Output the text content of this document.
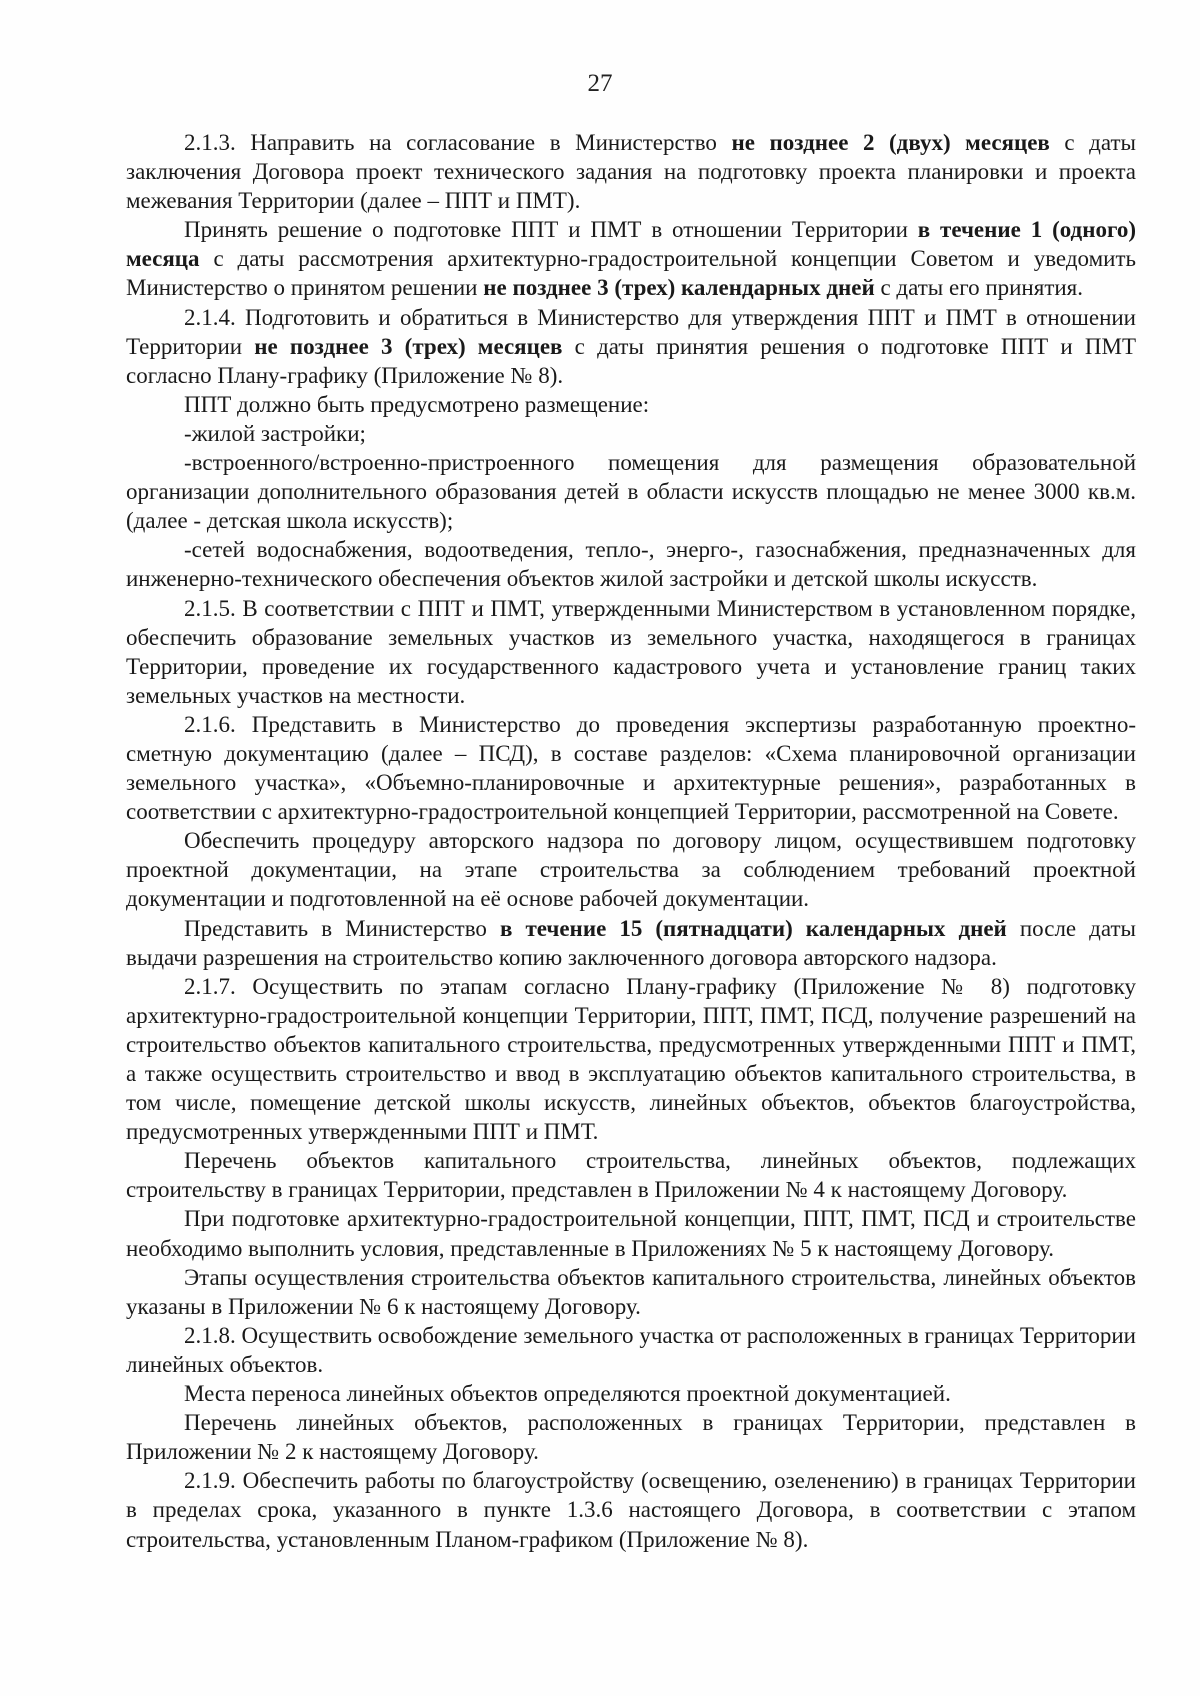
27

2.1.3. Направить на согласование в Министерство не позднее 2 (двух) месяцев с даты заключения Договора проект технического задания на подготовку проекта планировки и проекта межевания Территории (далее – ППТ и ПМТ).

Принять решение о подготовке ППТ и ПМТ в отношении Территории в течение 1 (одного) месяца с даты рассмотрения архитектурно-градостроительной концепции Советом и уведомить Министерство о принятом решении не позднее 3 (трех) календарных дней с даты его принятия.

2.1.4. Подготовить и обратиться в Министерство для утверждения ППТ и ПМТ в отношении Территории не позднее 3 (трех) месяцев с даты принятия решения о подготовке ППТ и ПМТ согласно Плану-графику (Приложение № 8).

ППТ должно быть предусмотрено размещение:

-жилой застройки;

-встроенного/встроенно-пристроенного помещения для размещения образовательной организации дополнительного образования детей в области искусств площадью не менее 3000 кв.м. (далее - детская школа искусств);

-сетей водоснабжения, водоотведения, тепло-, энерго-, газоснабжения, предназначенных для инженерно-технического обеспечения объектов жилой застройки и детской школы искусств.

2.1.5. В соответствии с ППТ и ПМТ, утвержденными Министерством в установленном порядке, обеспечить образование земельных участков из земельного участка, находящегося в границах Территории, проведение их государственного кадастрового учета и установление границ таких земельных участков на местности.

2.1.6. Представить в Министерство до проведения экспертизы разработанную проектно-сметную документацию (далее – ПСД), в составе разделов: «Схема планировочной организации земельного участка», «Объемно-планировочные и архитектурные решения», разработанных в соответствии с архитектурно-градостроительной концепцией Территории, рассмотренной на Совете.

Обеспечить процедуру авторского надзора по договору лицом, осуществившем подготовку проектной документации, на этапе строительства за соблюдением требований проектной документации и подготовленной на её основе рабочей документации.

Представить в Министерство в течение 15 (пятнадцати) календарных дней после даты выдачи разрешения на строительство копию заключенного договора авторского надзора.

2.1.7. Осуществить по этапам согласно Плану-графику (Приложение № 8) подготовку архитектурно-градостроительной концепции Территории, ППТ, ПМТ, ПСД, получение разрешений на строительство объектов капитального строительства, предусмотренных утвержденными ППТ и ПМТ, а также осуществить строительство и ввод в эксплуатацию объектов капитального строительства, в том числе, помещение детской школы искусств, линейных объектов, объектов благоустройства, предусмотренных утвержденными ППТ и ПМТ.

Перечень объектов капитального строительства, линейных объектов, подлежащих строительству в границах Территории, представлен в Приложении № 4 к настоящему Договору.

При подготовке архитектурно-градостроительной концепции, ППТ, ПМТ, ПСД и строительстве необходимо выполнить условия, представленные в Приложениях № 5 к настоящему Договору.

Этапы осуществления строительства объектов капитального строительства, линейных объектов указаны в Приложении № 6 к настоящему Договору.

2.1.8. Осуществить освобождение земельного участка от расположенных в границах Территории линейных объектов.

Места переноса линейных объектов определяются проектной документацией.

Перечень линейных объектов, расположенных в границах Территории, представлен в Приложении № 2 к настоящему Договору.

2.1.9. Обеспечить работы по благоустройству (освещению, озеленению) в границах Территории в пределах срока, указанного в пункте 1.3.6 настоящего Договора, в соответствии с этапом строительства, установленным Планом-графиком (Приложение № 8).
